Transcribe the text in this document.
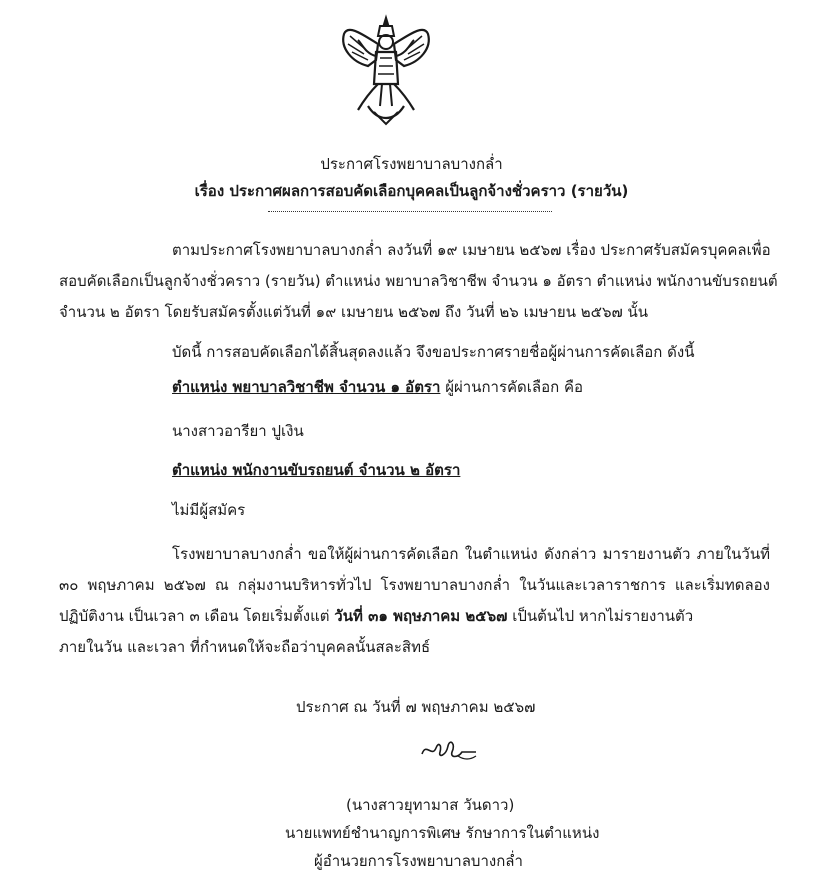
ประกาศโรงพยาบาลบางกล่ำ
เรื่อง ประกาศผลการสอบคัดเลือกบุคคลเป็นลูกจ้างชั่วคราว (รายวัน)
ตามประกาศโรงพยาบาลบางกล่ำ ลงวันที่ ๑๙ เมษายน ๒๕๖๗ เรื่อง ประกาศรับสมัครบุคคลเพื่อ
สอบคัดเลือกเป็นลูกจ้างชั่วคราว (รายวัน) ตำแหน่ง พยาบาลวิชาชีพ จำนวน ๑ อัตรา ตำแหน่ง พนักงานขับรถยนต์
จำนวน ๒ อัตรา โดยรับสมัครตั้งแต่วันที่ ๑๙ เมษายน ๒๕๖๗ ถึง วันที่ ๒๖ เมษายน ๒๕๖๗ นั้น
บัดนี้ การสอบคัดเลือกได้สิ้นสุดลงแล้ว จึงขอประกาศรายชื่อผู้ผ่านการคัดเลือก ดังนี้
ตำแหน่ง พยาบาลวิชาชีพ จำนวน ๑ อัตรา ผู้ผ่านการคัดเลือก คือ
นางสาวอารียา ปูเงิน
ตำแหน่ง พนักงานขับรถยนต์ จำนวน ๒ อัตรา
ไม่มีผู้สมัคร
โรงพยาบาลบางกล่ำ ขอให้ผู้ผ่านการคัดเลือก ในตำแหน่ง ดังกล่าว มารายงานตัว ภายในวันที่
๓๐ พฤษภาคม ๒๕๖๗ ณ กลุ่มงานบริหารทั่วไป โรงพยาบาลบางกล่ำ ในวันและเวลาราชการ และเริ่มทดลอง
ปฏิบัติงาน เป็นเวลา ๓ เดือน โดยเริ่มตั้งแต่ วันที่ ๓๑ พฤษภาคม ๒๕๖๗ เป็นต้นไป หากไม่รายงานตัว
ภายในวัน และเวลา ที่กำหนดให้จะถือว่าบุคคลนั้นสละสิทธ์
ประกาศ ณ วันที่ ๗ พฤษภาคม ๒๕๖๗
(นางสาวยุทามาส วันดาว)
นายแพทย์ชำนาญการพิเศษ รักษาการในตำแหน่ง
ผู้อำนวยการโรงพยาบาลบางกล่ำ
